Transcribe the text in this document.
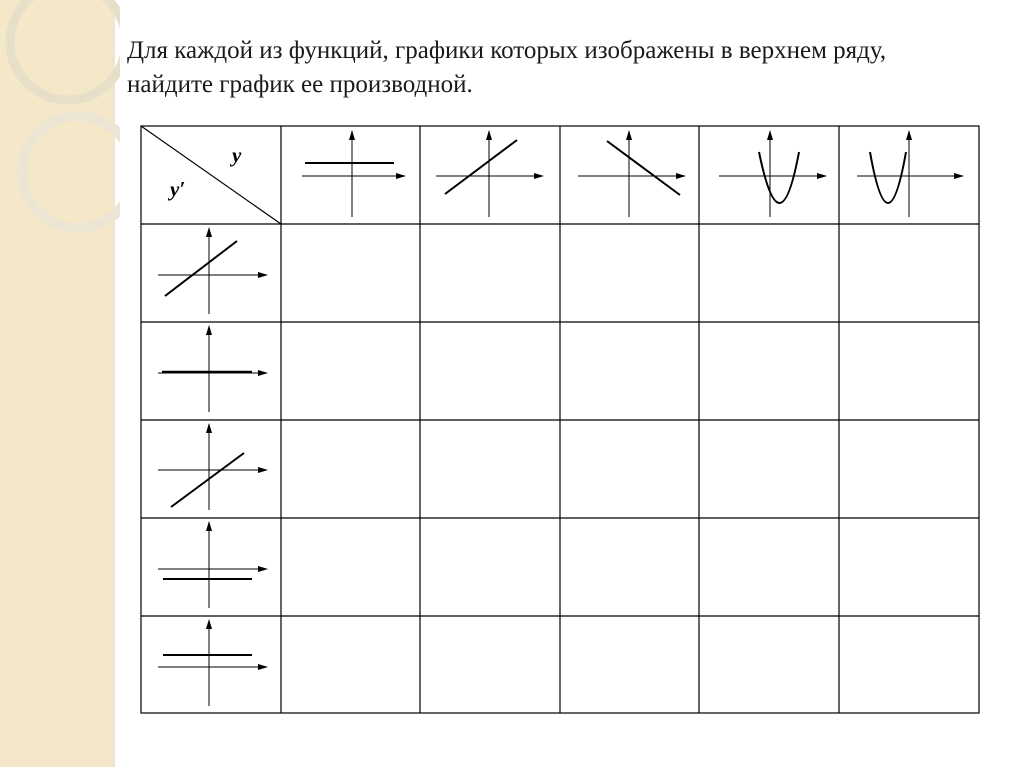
Для каждой из функций, графики которых изображены в верхнем ряду,
найдите график ее производной.
y
y′
